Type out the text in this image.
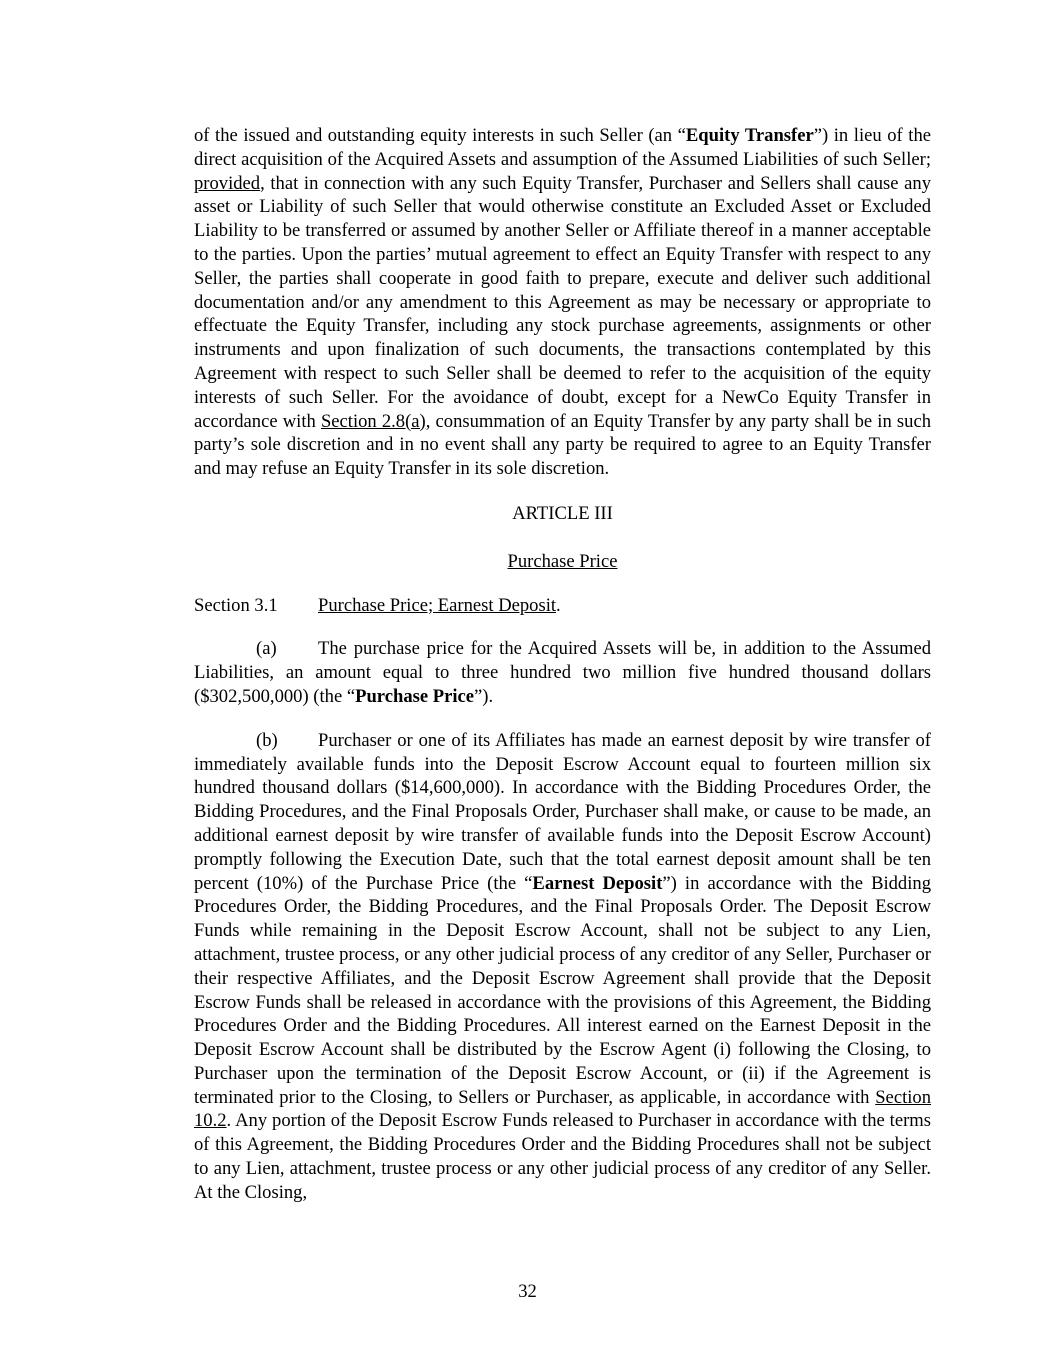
of the issued and outstanding equity interests in such Seller (an “Equity Transfer”) in lieu of the direct acquisition of the Acquired Assets and assumption of the Assumed Liabilities of such Seller; provided, that in connection with any such Equity Transfer, Purchaser and Sellers shall cause any asset or Liability of such Seller that would otherwise constitute an Excluded Asset or Excluded Liability to be transferred or assumed by another Seller or Affiliate thereof in a manner acceptable to the parties. Upon the parties’ mutual agreement to effect an Equity Transfer with respect to any Seller, the parties shall cooperate in good faith to prepare, execute and deliver such additional documentation and/or any amendment to this Agreement as may be necessary or appropriate to effectuate the Equity Transfer, including any stock purchase agreements, assignments or other instruments and upon finalization of such documents, the transactions contemplated by this Agreement with respect to such Seller shall be deemed to refer to the acquisition of the equity interests of such Seller. For the avoidance of doubt, except for a NewCo Equity Transfer in accordance with Section 2.8(a), consummation of an Equity Transfer by any party shall be in such party’s sole discretion and in no event shall any party be required to agree to an Equity Transfer and may refuse an Equity Transfer in its sole discretion.

ARTICLE III

Purchase Price

Section 3.1 Purchase Price; Earnest Deposit.

(a) The purchase price for the Acquired Assets will be, in addition to the Assumed Liabilities, an amount equal to three hundred two million five hundred thousand dollars ($302,500,000) (the “Purchase Price”).

(b) Purchaser or one of its Affiliates has made an earnest deposit by wire transfer of immediately available funds into the Deposit Escrow Account equal to fourteen million six hundred thousand dollars ($14,600,000). In accordance with the Bidding Procedures Order, the Bidding Procedures, and the Final Proposals Order, Purchaser shall make, or cause to be made, an additional earnest deposit by wire transfer of available funds into the Deposit Escrow Account) promptly following the Execution Date, such that the total earnest deposit amount shall be ten percent (10%) of the Purchase Price (the “Earnest Deposit”) in accordance with the Bidding Procedures Order, the Bidding Procedures, and the Final Proposals Order. The Deposit Escrow Funds while remaining in the Deposit Escrow Account, shall not be subject to any Lien, attachment, trustee process, or any other judicial process of any creditor of any Seller, Purchaser or their respective Affiliates, and the Deposit Escrow Agreement shall provide that the Deposit Escrow Funds shall be released in accordance with the provisions of this Agreement, the Bidding Procedures Order and the Bidding Procedures. All interest earned on the Earnest Deposit in the Deposit Escrow Account shall be distributed by the Escrow Agent (i) following the Closing, to Purchaser upon the termination of the Deposit Escrow Account, or (ii) if the Agreement is terminated prior to the Closing, to Sellers or Purchaser, as applicable, in accordance with Section 10.2. Any portion of the Deposit Escrow Funds released to Purchaser in accordance with the terms of this Agreement, the Bidding Procedures Order and the Bidding Procedures shall not be subject to any Lien, attachment, trustee process or any other judicial process of any creditor of any Seller. At the Closing,

32
